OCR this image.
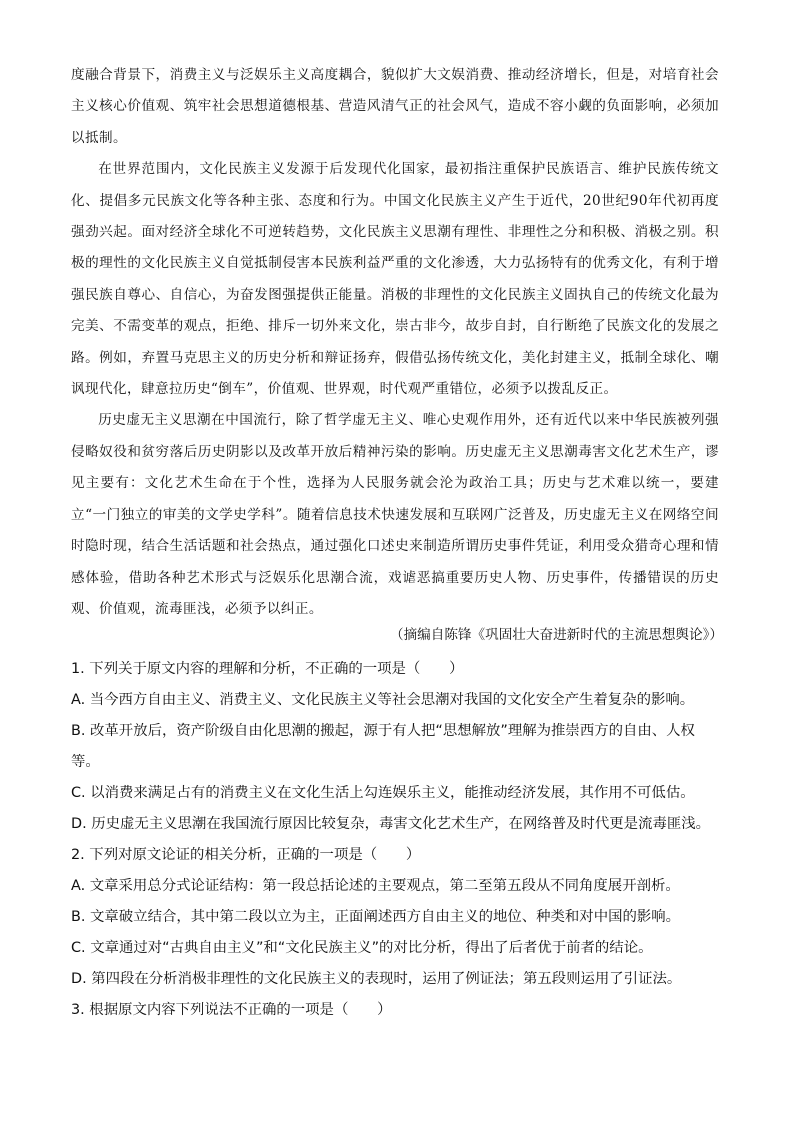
度融合背景下，消费主义与泛娱乐主义高度耦合，貌似扩大文娱消费、推动经济增长，但是，对培育社会主义核心价值观、筑牢社会思想道德根基、营造风清气正的社会风气，造成不容小觑的负面影响，必须加以抵制。

在世界范围内，文化民族主义发源于后发现代化国家，最初指注重保护民族语言、维护民族传统文化、提倡多元民族文化等各种主张、态度和行为。中国文化民族主义产生于近代，20世纪90年代初再度强劲兴起。面对经济全球化不可逆转趋势，文化民族主义思潮有理性、非理性之分和积极、消极之别。积极的理性的文化民族主义自觉抵制侵害本民族利益严重的文化渗透，大力弘扬特有的优秀文化，有利于增强民族自尊心、自信心，为奋发图强提供正能量。消极的非理性的文化民族主义固执自己的传统文化最为完美、不需变革的观点，拒绝、排斥一切外来文化，崇古非今，故步自封，自行断绝了民族文化的发展之路。例如，弃置马克思主义的历史分析和辩证扬弃，假借弘扬传统文化，美化封建主义，抵制全球化、嘲讽现代化，肆意拉历史“倒车”，价值观、世界观，时代观严重错位，必须予以拨乱反正。

历史虚无主义思潮在中国流行，除了哲学虚无主义、唯心史观作用外，还有近代以来中华民族被列强侵略奴役和贫穷落后历史阴影以及改革开放后精神污染的影响。历史虚无主义思潮毒害文化艺术生产，谬见主要有：文化艺术生命在于个性，选择为人民服务就会沦为政治工具；历史与艺术难以统一，要建立“一门独立的审美的文学史学科”。随着信息技术快速发展和互联网广泛普及，历史虚无主义在网络空间时隐时现，结合生活话题和社会热点，通过强化口述史来制造所谓历史事件凭证，利用受众猎奇心理和情感体验，借助各种艺术形式与泛娱乐化思潮合流，戏谑恶搞重要历史人物、历史事件，传播错误的历史观、价值观，流毒匪浅，必须予以纠正。

（摘编自陈锋《巩固壮大奋进新时代的主流思想舆论》）

1. 下列关于原文内容的理解和分析，不正确的一项是（　　）

A. 当今西方自由主义、消费主义、文化民族主义等社会思潮对我国的文化安全产生着复杂的影响。

B. 改革开放后，资产阶级自由化思潮的搬起，源于有人把“思想解放”理解为推崇西方的自由、人权等。

C. 以消费来满足占有的消费主义在文化生活上勾连娱乐主义，能推动经济发展，其作用不可低估。

D. 历史虚无主义思潮在我国流行原因比较复杂，毒害文化艺术生产，在网络普及时代更是流毒匪浅。

2. 下列对原文论证的相关分析，正确的一项是（　　）

A. 文章采用总分式论证结构：第一段总括论述的主要观点，第二至第五段从不同角度展开剖析。

B. 文章破立结合，其中第二段以立为主，正面阐述西方自由主义的地位、种类和对中国的影响。

C. 文章通过对“古典自由主义”和“文化民族主义”的对比分析，得出了后者优于前者的结论。

D. 第四段在分析消极非理性的文化民族主义的表现时，运用了例证法；第五段则运用了引证法。

3. 根据原文内容下列说法不正确的一项是（　　）
